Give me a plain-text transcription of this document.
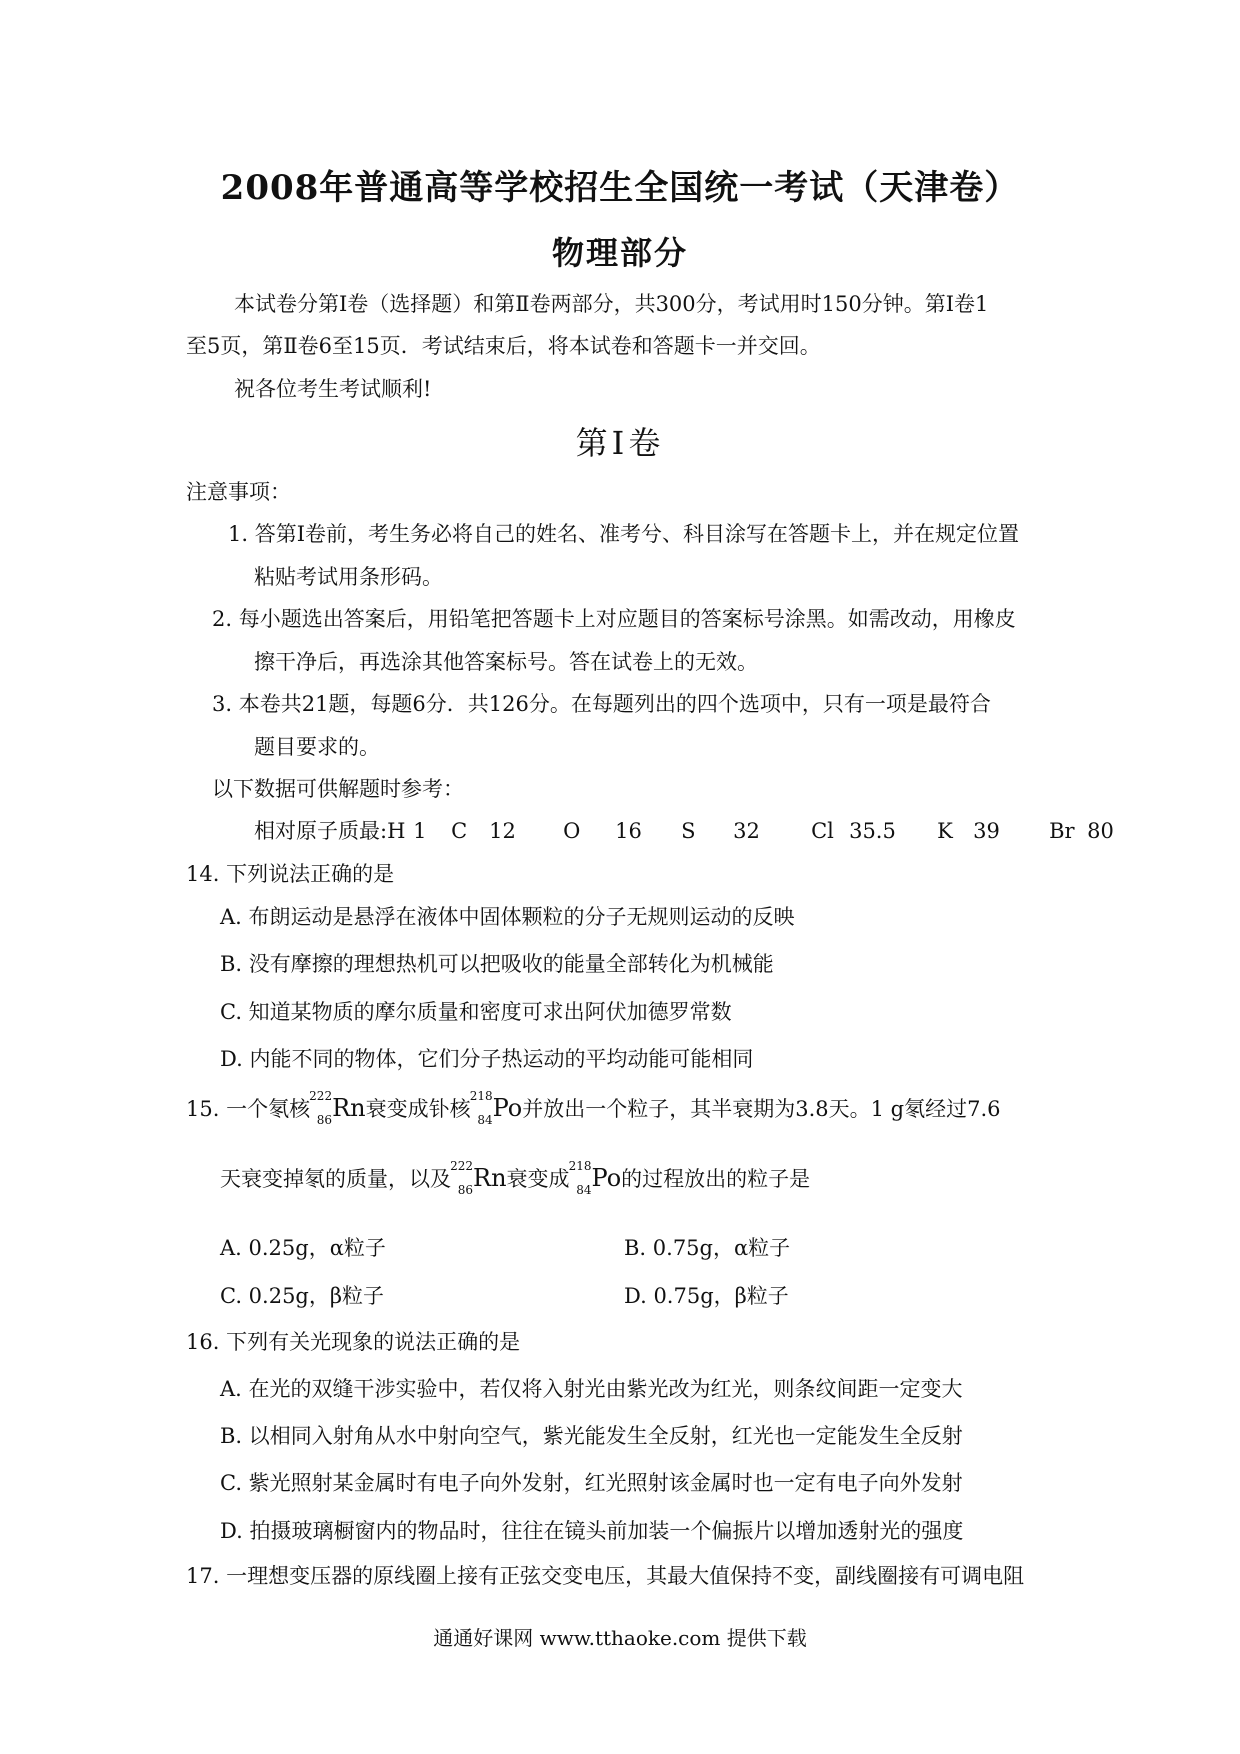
2008年普通高等学校招生全国统一考试（天津卷）
物理部分
本试卷分第Ⅰ卷（选择题）和第Ⅱ卷两部分，共300分，考试用时150分钟。第Ⅰ卷1
至5页，第Ⅱ卷6至15页．考试结束后，将本试卷和答题卡一并交回。
祝各位考生考试顺利!
第Ⅰ卷
注意事项：
1. 答第Ⅰ卷前，考生务必将自己的姓名、准考兮、科目涂写在答题卡上，并在规定位置
粘贴考试用条形码。
2. 每小题选出答案后，用铅笔把答题卡上对应题目的答案标号涂黑。如需改动，用橡皮
擦干净后，再选涂其他答案标号。答在试卷上的无效。
3. 本卷共21题，每题6分．共126分。在每题列出的四个选项中，只有一项是最符合
题目要求的。
以下数据可供解题时参考：
相对原子质最:H 1 C 12 O 16 S 32 Cl 35.5 K 39 Br 80
14. 下列说法正确的是
A. 布朗运动是悬浮在液体中固体颗粒的分子无规则运动的反映
B. 没有摩擦的理想热机可以把吸收的能量全部转化为机械能
C. 知道某物质的摩尔质量和密度可求出阿伏加德罗常数
D. 内能不同的物体，它们分子热运动的平均动能可能相同
15. 一个氡核
222
86 Rn衰变成钋核
218
84 Po并放出一个粒子，其半衰期为3.8天。1 g氡经过7.6
天衰变掉氡的质量，以及
222
86 Rn衰变成
218
84 Po的过程放出的粒子是
A. 0.25g，α粒子	B. 0.75g，α粒子
C. 0.25g，β粒子	D. 0.75g，β粒子
16. 下列有关光现象的说法正确的是
A. 在光的双缝干涉实验中，若仅将入射光由紫光改为红光，则条纹间距一定变大
B. 以相同入射角从水中射向空气，紫光能发生全反射，红光也一定能发生全反射
C. 紫光照射某金属时有电子向外发射，红光照射该金属时也一定有电子向外发射
D. 拍摄玻璃橱窗内的物品时，往往在镜头前加装一个偏振片以增加透射光的强度
17. 一理想变压器的原线圈上接有正弦交变电压，其最大值保持不变，副线圈接有可调电阻
通通好课网 www.tthaoke.com 提供下载
